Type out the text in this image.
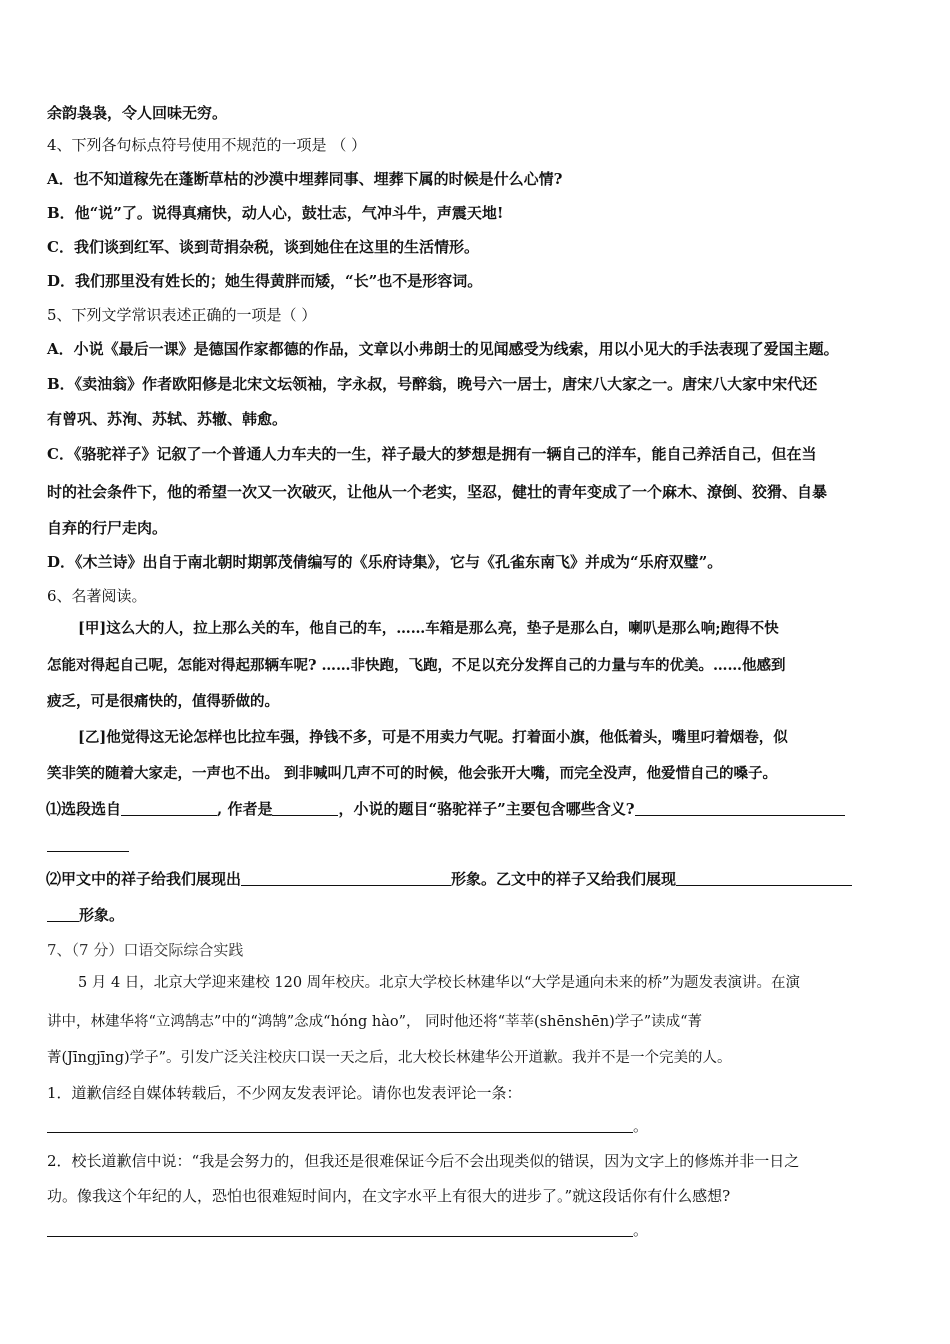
余韵袅袅，令人回味无穷。
4、下列各句标点符号使用不规范的一项是 （ ）
A．也不知道稼先在蓬断草枯的沙漠中埋葬同事、埋葬下属的时候是什么心情?
B．他“说”了。说得真痛快，动人心，鼓壮志，气冲斗牛，声震天地!
C．我们谈到红军、谈到苛捐杂税，谈到她住在这里的生活情形。
D．我们那里没有姓长的；她生得黄胖而矮，“长”也不是形容词。
5、下列文学常识表述正确的一项是（ ）
A．小说《最后一课》是德国作家都德的作品，文章以小弗朗士的见闻感受为线索，用以小见大的手法表现了爱国主题。
B．《卖油翁》作者欧阳修是北宋文坛领袖，字永叔，号醉翁，晚号六一居士，唐宋八大家之一。唐宋八大家中宋代还
有曾巩、苏洵、苏轼、苏辙、韩愈。
C．《骆驼祥子》记叙了一个普通人力车夫的一生，祥子最大的梦想是拥有一辆自己的洋车，能自己养活自己，但在当
时的社会条件下，他的希望一次又一次破灭，让他从一个老实，坚忍，健壮的青年变成了一个麻木、潦倒、狡猾、自暴
自弃的行尸走肉。
D．《木兰诗》出自于南北朝时期郭茂倩编写的《乐府诗集》，它与《孔雀东南飞》并成为“乐府双璧”。
6、名著阅读。
[甲]这么大的人，拉上那么关的车，他自己的车，……车箱是那么亮，垫子是那么白，喇叭是那么响;跑得不快
怎能对得起自己呢，怎能对得起那辆车呢? ……非快跑，飞跑，不足以充分发挥自己的力量与车的优美。……他感到
疲乏，可是很痛快的，值得骄做的。
[乙]他觉得这无论怎样也比拉车强，挣钱不多，可是不用卖力气呢。打着面小旗，他低着头，嘴里叼着烟卷，似
笑非笑的随着大家走，一声也不出。 到非喊叫几声不可的时候，他会张开大嘴，而完全没声，他爱惜自己的嗓子。
⑴选段选自	, 作者是	，小说的题目“骆驼祥子”主要包含哪些含义?
⑵甲文中的祥子给我们展现出	形象。乙文中的祥子又给我们展现
形象。
7、（7 分）口语交际综合实践
5 月 4 日，北京大学迎来建校 120 周年校庆。北京大学校长林建华以“大学是通向未来的桥”为题发表演讲。在演
讲中，林建华将“立鸿鹄志”中的“鸿鹄”念成“hóng hào”， 同时他还将“莘莘(shēnshēn)学子”读成“菁
菁(Jīngjīng)学子”。引发广泛关注校庆口误一天之后，北大校长林建华公开道歉。我并不是一个完美的人。
1．道歉信经自媒体转载后，不少网友发表评论。请你也发表评论一条：
。
2．校长道歉信中说：“我是会努力的，但我还是很难保证今后不会出现类似的错误，因为文字上的修炼并非一日之
功。像我这个年纪的人，恐怕也很难短时间内，在文字水平上有很大的进步了。”就这段话你有什么感想?
。
